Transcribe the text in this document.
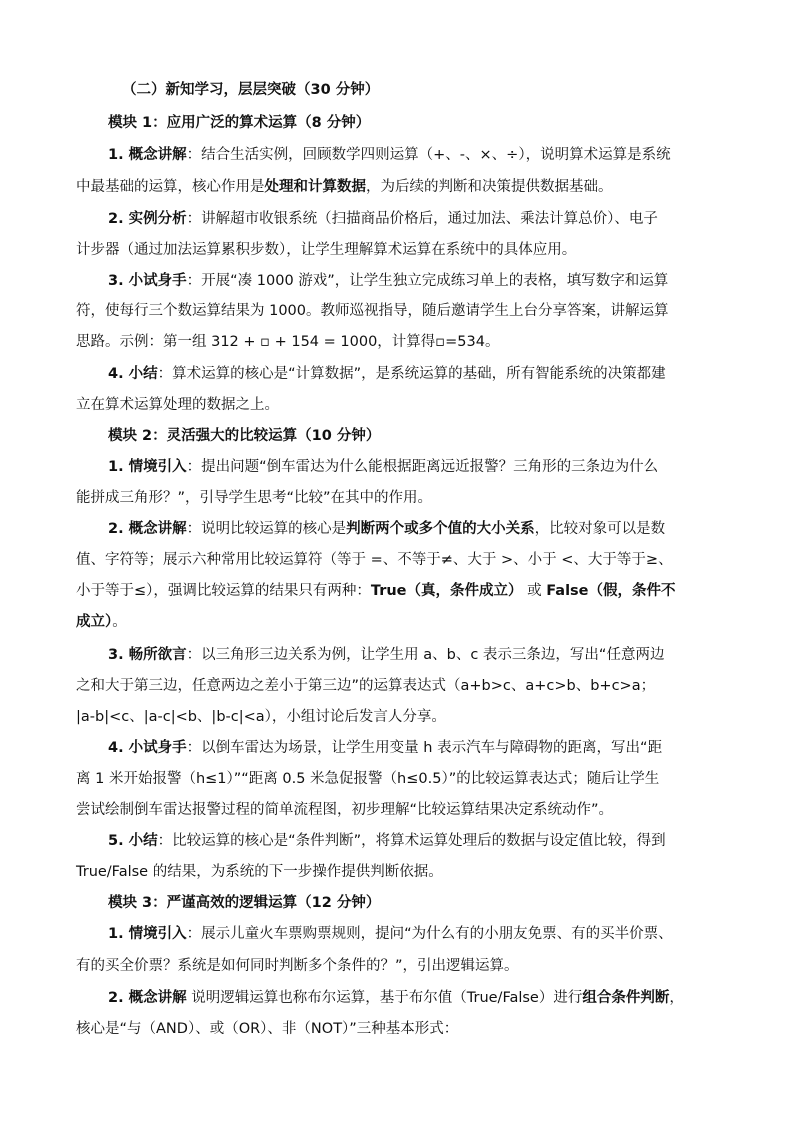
（二）新知学习，层层突破（30 分钟）
模块 1：应用广泛的算术运算（8 分钟）
1. 概念讲解：结合生活实例，回顾数学四则运算（+、-、×、÷），说明算术运算是系统
中最基础的运算，核心作用是处理和计算数据，为后续的判断和决策提供数据基础。
2. 实例分析：讲解超市收银系统（扫描商品价格后，通过加法、乘法计算总价）、电子
计步器（通过加法运算累积步数），让学生理解算术运算在系统中的具体应用。
3. 小试身手：开展“凑 1000 游戏”，让学生独立完成练习单上的表格，填写数字和运算
符，使每行三个数运算结果为 1000。教师巡视指导，随后邀请学生上台分享答案，讲解运算
思路。示例：第一组 312 + ▫ + 154 = 1000，计算得▫=534。
4. 小结：算术运算的核心是“计算数据”，是系统运算的基础，所有智能系统的决策都建
立在算术运算处理的数据之上。
模块 2：灵活强大的比较运算（10 分钟）
1. 情境引入：提出问题“倒车雷达为什么能根据距离远近报警？三角形的三条边为什么
能拼成三角形？”，引导学生思考“比较”在其中的作用。
2. 概念讲解：说明比较运算的核心是判断两个或多个值的大小关系，比较对象可以是数
值、字符等；展示六种常用比较运算符（等于 =、不等于≠、大于 >、小于 <、大于等于≥、
小于等于≤），强调比较运算的结果只有两种：True（真，条件成立） 或 False（假，条件不
成立）。
3. 畅所欲言：以三角形三边关系为例，让学生用 a、b、c 表示三条边，写出“任意两边
之和大于第三边，任意两边之差小于第三边”的运算表达式（a+b>c、a+c>b、b+c>a；
|a-b|<c、|a-c|<b、|b-c|<a），小组讨论后发言人分享。
4. 小试身手：以倒车雷达为场景，让学生用变量 h 表示汽车与障碍物的距离，写出“距
离 1 米开始报警（h≤1）”“距离 0.5 米急促报警（h≤0.5）”的比较运算表达式；随后让学生
尝试绘制倒车雷达报警过程的简单流程图，初步理解“比较运算结果决定系统动作”。
5. 小结：比较运算的核心是“条件判断”，将算术运算处理后的数据与设定值比较，得到
True/False 的结果，为系统的下一步操作提供判断依据。
模块 3：严谨高效的逻辑运算（12 分钟）
1. 情境引入：展示儿童火车票购票规则，提问“为什么有的小朋友免票、有的买半价票、
有的买全价票？系统是如何同时判断多个条件的？”，引出逻辑运算。
2. 概念讲解 说明逻辑运算也称布尔运算，基于布尔值（True/False）进行组合条件判断，
核心是“与（AND）、或（OR）、非（NOT）”三种基本形式：
